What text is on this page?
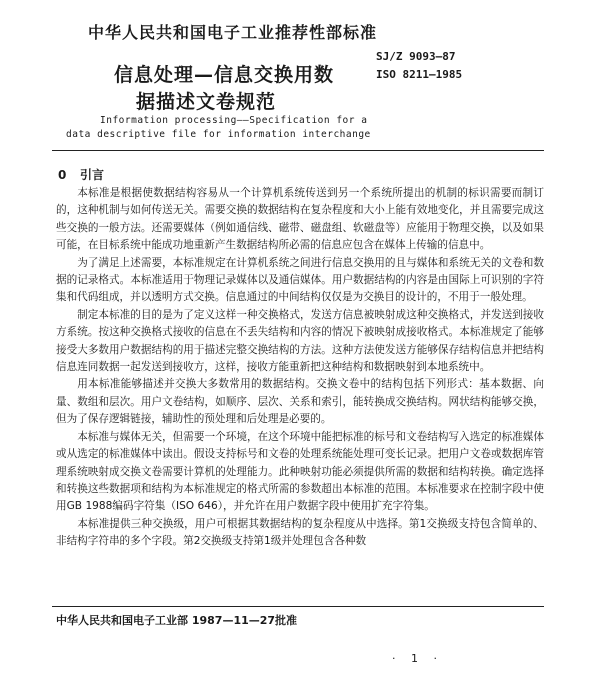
中华人民共和国电子工业推荐性部标准
SJ/Z 9093—87
ISO 8211—1985
信息处理—信息交换用数
据描述文卷规范
Information processing——Specification for a
data descriptive file for information interchange
0 引言

本标准是根据使数据结构容易从一个计算机系统传送到另一个系统所提出的机制的标识需要而制订的，这种机制与如何传送无关。需要交换的数据结构在复杂程度和大小上能有效地变化，并且需要完成这些交换的一般方法。还需要媒体（例如通信线、磁带、磁盘组、软磁盘等）应能用于物理交换，以及如果可能，在目标系统中能成功地重新产生数据结构所必需的信息应包含在媒体上传输的信息中。

为了满足上述需要，本标准规定在计算机系统之间进行信息交换用的且与媒体和系统无关的文卷和数据的记录格式。本标准适用于物理记录媒体以及通信媒体。用户数据结构的内容是由国际上可识别的字符集和代码组成，并以透明方式交换。信息通过的中间结构仅仅是为交换目的设计的，不用于一般处理。

制定本标准的目的是为了定义这样一种交换格式，发送方信息被映射成这种交换格式，并发送到接收方系统。按这种交换格式接收的信息在不丢失结构和内容的情况下被映射成接收格式。本标准规定了能够接受大多数用户数据结构的用于描述完整交换结构的方法。这种方法使发送方能够保存结构信息并把结构信息连同数据一起发送到接收方，这样，接收方能重新把这种结构和数据映射到本地系统中。

用本标准能够描述并交换大多数常用的数据结构。交换文卷中的结构包括下列形式：基本数据、向量、数组和层次。用户文卷结构，如顺序、层次、关系和索引，能转换成交换结构。网状结构能够交换，但为了保存逻辑链接，辅助性的预处理和后处理是必要的。

本标准与媒体无关，但需要一个环境，在这个环境中能把标准的标号和文卷结构写入选定的标准媒体或从选定的标准媒体中读出。假设支持标号和文卷的处理系统能处理可变长记录。把用户文卷或数据库管理系统映射成交换文卷需要计算机的处理能力。此种映射功能必须提供所需的数据和结构转换。确定选择和转换这些数据项和结构为本标准规定的格式所需的参数超出本标准的范围。本标准要求在控制字段中使用GB 1988编码字符集（ISO 646），并允许在用户数据字段中使用扩充字符集。

本标准提供三种交换级，用户可根据其数据结构的复杂程度从中选择。第1交换级支持包含简单的、非结构字符串的多个字段。第2交换级支持第1级并处理包含各种数

中华人民共和国电子工业部 1987—11—27批准
· 1 ·
